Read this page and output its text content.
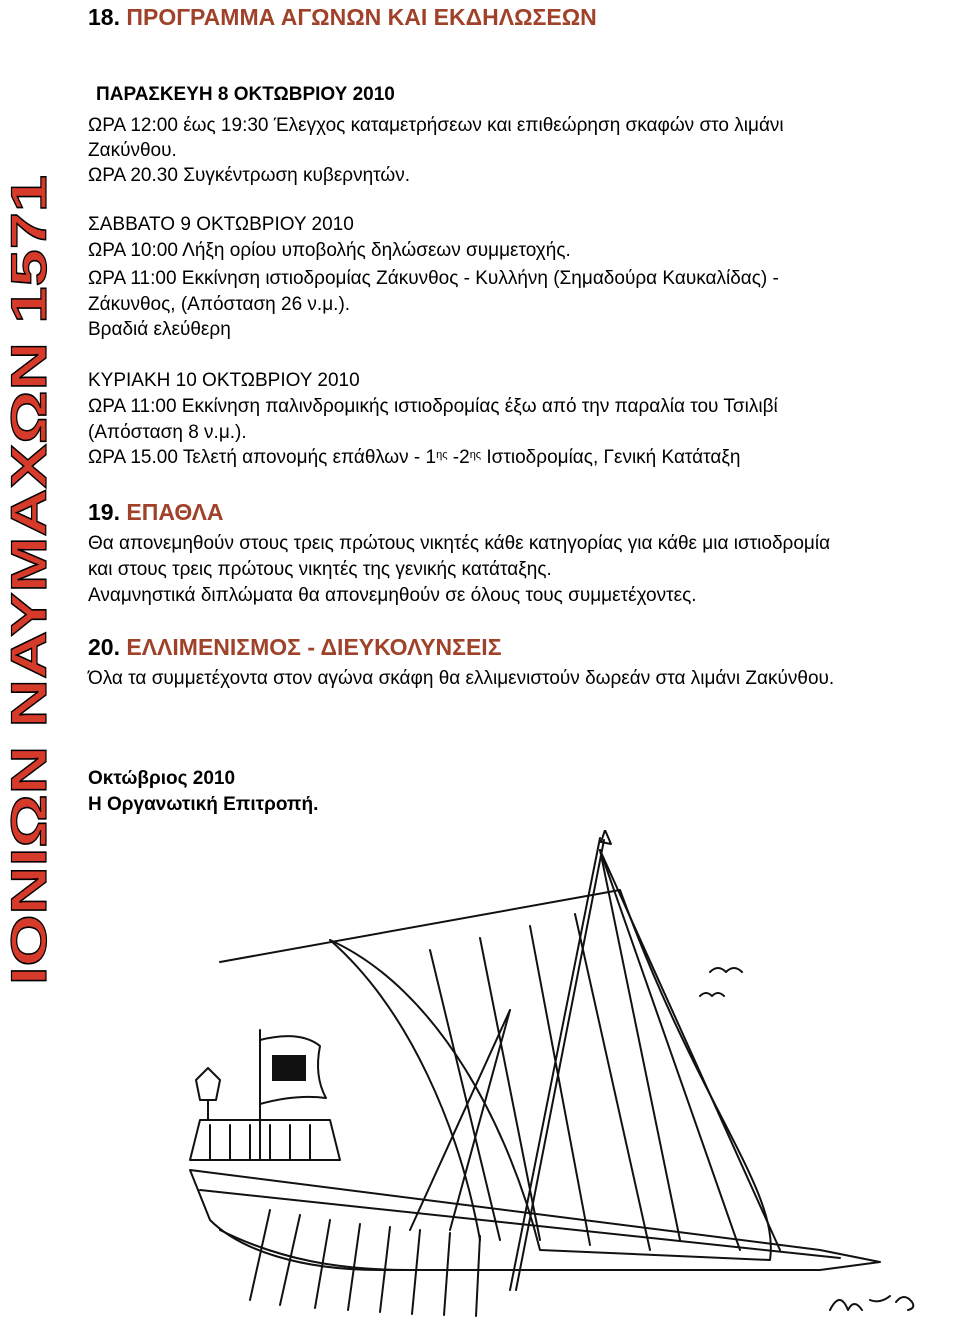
ΙΟΝΙΩΝ ΝΑΥΜΑΧΩΝ 1571
18. ΠΡΟΓΡΑΜΜΑ ΑΓΩΝΩΝ ΚΑΙ ΕΚΔΗΛΩΣΕΩΝ
ΠΑΡΑΣΚΕΥΗ 8 ΟΚΤΩΒΡΙΟΥ 2010
ΩΡΑ 12:00 έως 19:30 Έλεγχος καταμετρήσεων και επιθεώρηση σκαφών στο λιμάνι
Ζακύνθου.
ΩΡΑ 20.30 Συγκέντρωση κυβερνητών.
ΣΑΒΒΑΤΟ 9 ΟΚΤΩΒΡΙΟΥ 2010
ΩΡΑ 10:00 Λήξη ορίου υποβολής δηλώσεων συμμετοχής.
ΩΡΑ 11:00 Εκκίνηση ιστιοδρομίας Ζάκυνθος - Κυλλήνη (Σημαδούρα Καυκαλίδας) -
Ζάκυνθος, (Απόσταση 26 ν.μ.).
Βραδιά ελεύθερη
ΚΥΡΙΑΚΗ 10 ΟΚΤΩΒΡΙΟΥ 2010
ΩΡΑ 11:00 Εκκίνηση παλινδρομικής ιστιοδρομίας έξω από την παραλία του Τσιλιβί
(Απόσταση 8 ν.μ.).
ΩΡΑ 15.00 Τελετή απονομής επάθλων - $1^{\eta\varsigma}$ $-2^{\eta\varsigma}$ Ιστιοδρομίας, Γενική Κατάταξη
19. ΕΠΑΘΛΑ
Θα απονεμηθούν στους τρεις πρώτους νικητές κάθε κατηγορίας για κάθε μια ιστιοδρομία
και στους τρεις πρώτους νικητές της γενικής κατάταξης.
Αναμνηστικά διπλώματα θα απονεμηθούν σε όλους τους συμμετέχοντες.
20. ΕΛΛΙΜΕΝΙΣΜΟΣ - ΔΙΕΥΚΟΛΥΝΣΕΙΣ
Όλα τα συμμετέχοντα στον αγώνα σκάφη θα ελλιμενιστούν δωρεάν στα λιμάνι Ζακύνθου.
Οκτώβριος 2010
Η Οργανωτική Επιτροπή.
